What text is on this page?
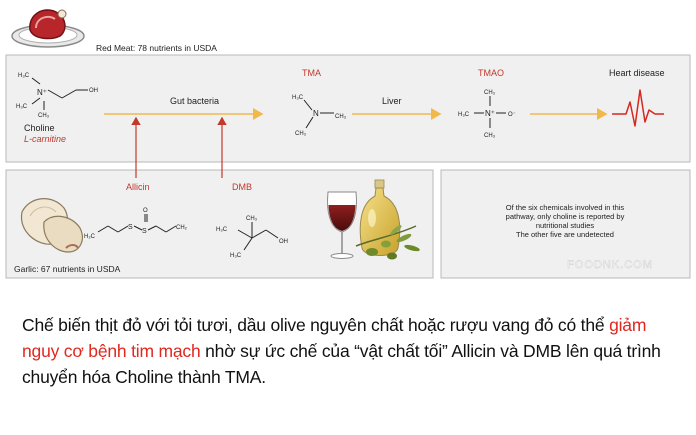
Red Meat: 78 nutrients in USDA
N⁺
H₃C
H₃C
CH₃
OH
Choline
L-carnitine
Gut bacteria
TMA
H₃C
N	CH₃
CH₃
Liver
TMAO
CH₃
H₃C N⁺ O⁻
CH₃
Heart disease
Allicin	DMB
Garlic: 67 nutrients in USDA
H₂C
S
S
O
CH₂	H₃C
CH₃
H₃C
OH
Of the six chemicals involved in this
pathway, only choline is reported by
nutritional studies
The other five are undetected
FOODNK.COM
Chế biến thịt đỏ với tỏi tươi, dầu olive nguyên chất hoặc rượu vang đỏ có thể giảm nguy cơ bệnh tim mạch nhờ sự ức chế của “vật chất tối” Allicin và DMB lên quá trình chuyển hóa Choline thành TMA.
